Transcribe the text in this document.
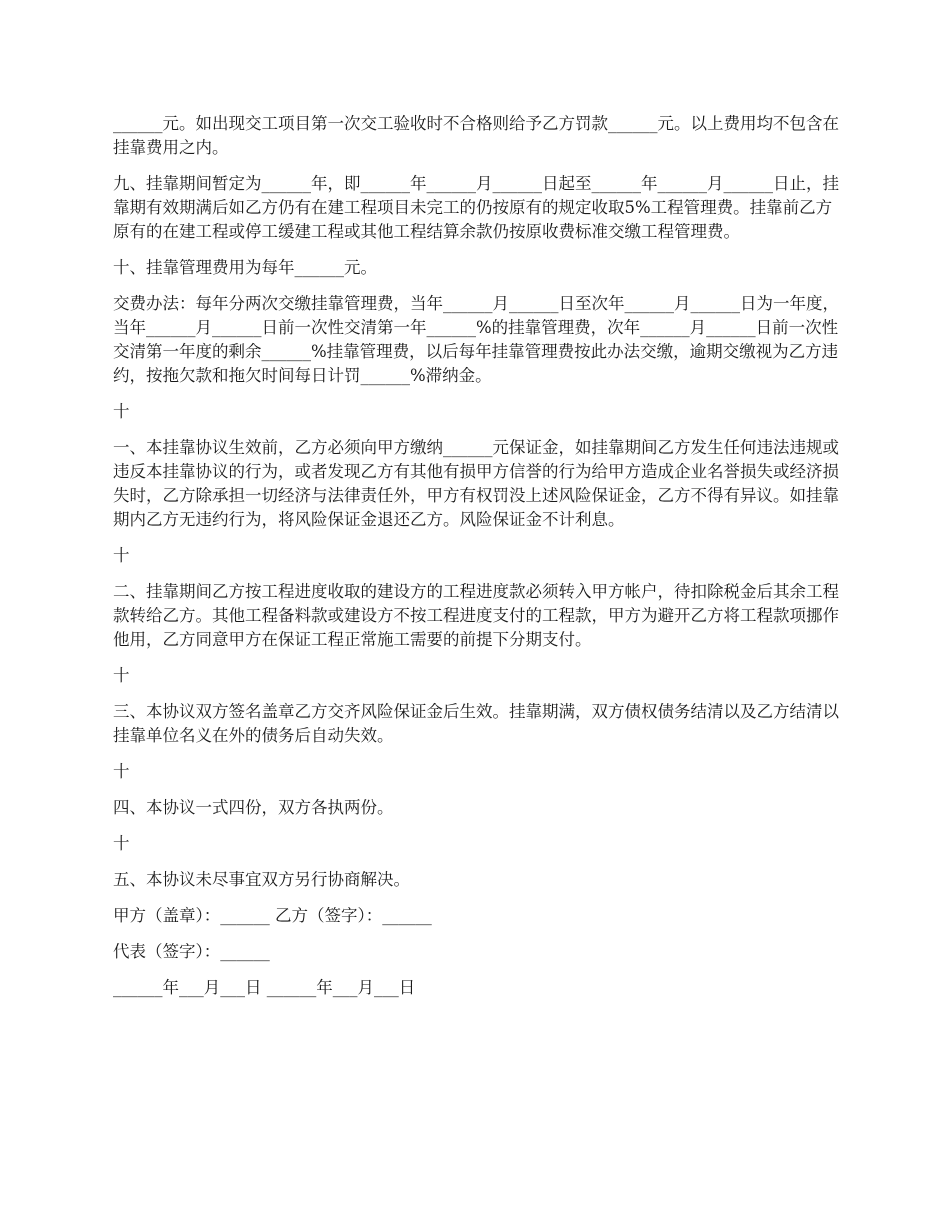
______元。如出现交工项目第一次交工验收时不合格则给予乙方罚款______元。以上费用均不包含在挂靠费用之内。

九、挂靠期间暂定为______年，即______年______月______日起至______年______月______日止，挂靠期有效期满后如乙方仍有在建工程项目未完工的仍按原有的规定收取5%工程管理费。挂靠前乙方原有的在建工程或停工缓建工程或其他工程结算余款仍按原收费标准交缴工程管理费。

十、挂靠管理费用为每年______元。

交费办法：每年分两次交缴挂靠管理费，当年______月______日至次年______月______日为一年度，当年______月______日前一次性交清第一年______%的挂靠管理费，次年______月______日前一次性交清第一年度的剩余______%挂靠管理费，以后每年挂靠管理费按此办法交缴，逾期交缴视为乙方违约，按拖欠款和拖欠时间每日计罚______%滞纳金。

十

一、本挂靠协议生效前，乙方必须向甲方缴纳______元保证金，如挂靠期间乙方发生任何违法违规或违反本挂靠协议的行为，或者发现乙方有其他有损甲方信誉的行为给甲方造成企业名誉损失或经济损失时，乙方除承担一切经济与法律责任外，甲方有权罚没上述风险保证金，乙方不得有异议。如挂靠期内乙方无违约行为，将风险保证金退还乙方。风险保证金不计利息。

十

二、挂靠期间乙方按工程进度收取的建设方的工程进度款必须转入甲方帐户，待扣除税金后其余工程款转给乙方。其他工程备料款或建设方不按工程进度支付的工程款，甲方为避开乙方将工程款项挪作他用，乙方同意甲方在保证工程正常施工需要的前提下分期支付。

十

三、本协议双方签名盖章乙方交齐风险保证金后生效。挂靠期满，双方债权债务结清以及乙方结清以挂靠单位名义在外的债务后自动失效。

十

四、本协议一式四份，双方各执两份。

十

五、本协议未尽事宜双方另行协商解决。

甲方（盖章）：______ 乙方（签字）：______

代表（签字）：______

______年___月___日 ______年___月___日
